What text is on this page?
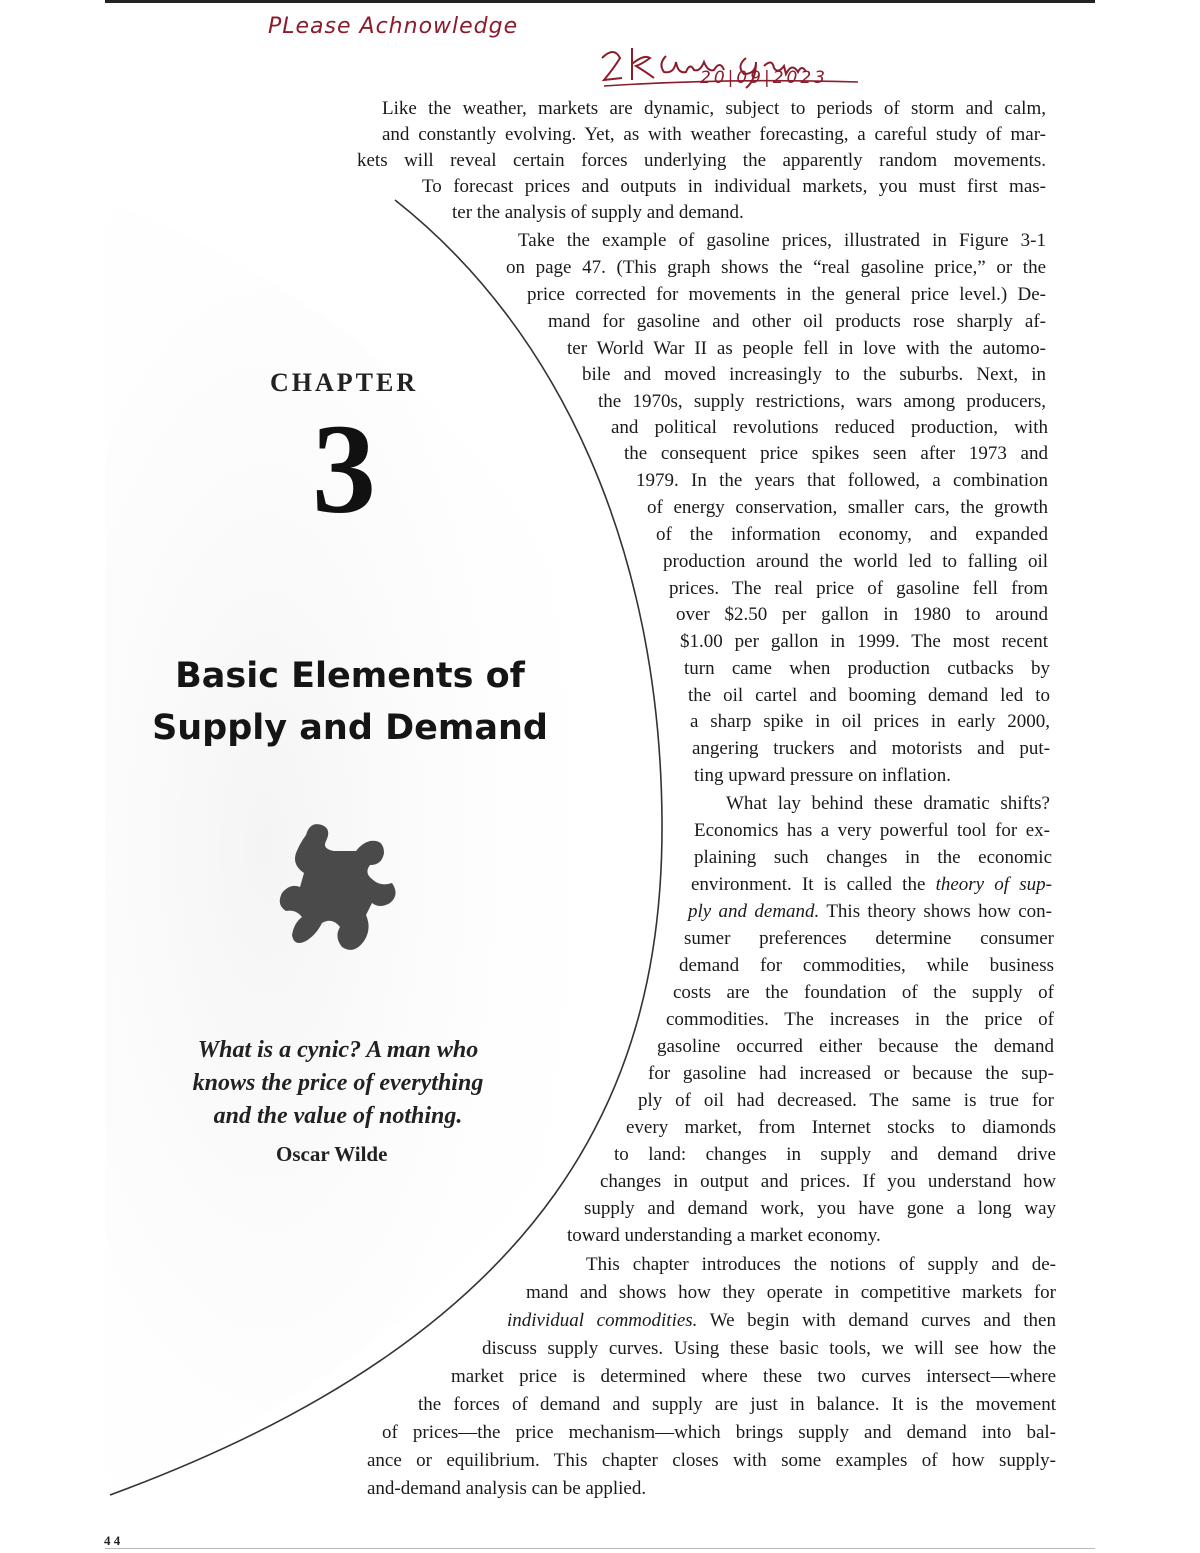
PLease Achnowledge
20|09|2023
CHAPTER
3
Basic Elements of
Supply and Demand
What is a cynic? A man who
knows the price of everything
and the value of nothing.
Oscar Wilde
Like the weather, markets are dynamic, subject to periods of storm and calm,
and constantly evolving. Yet, as with weather forecasting, a careful study of mar-
kets will reveal certain forces underlying the apparently random movements.
To forecast prices and outputs in individual markets, you must first mas-
ter the analysis of supply and demand.
Take the example of gasoline prices, illustrated in Figure 3-1
on page 47. (This graph shows the “real gasoline price,” or the
price corrected for movements in the general price level.) De-
mand for gasoline and other oil products rose sharply af-
ter World War II as people fell in love with the automo-
bile and moved increasingly to the suburbs. Next, in
the 1970s, supply restrictions, wars among producers,
and political revolutions reduced production, with
the consequent price spikes seen after 1973 and
1979. In the years that followed, a combination
of energy conservation, smaller cars, the growth
of the information economy, and expanded
production around the world led to falling oil
prices. The real price of gasoline fell from
over $2.50 per gallon in 1980 to around
$1.00 per gallon in 1999. The most recent
turn came when production cutbacks by
the oil cartel and booming demand led to
a sharp spike in oil prices in early 2000,
angering truckers and motorists and put-
ting upward pressure on inflation.
What lay behind these dramatic shifts?
Economics has a very powerful tool for ex-
plaining such changes in the economic
environment. It is called the theory of sup-
ply and demand. This theory shows how con-
sumer preferences determine consumer
demand for commodities, while business
costs are the foundation of the supply of
commodities. The increases in the price of
gasoline occurred either because the demand
for gasoline had increased or because the sup-
ply of oil had decreased. The same is true for
every market, from Internet stocks to diamonds
to land: changes in supply and demand drive
changes in output and prices. If you understand how
supply and demand work, you have gone a long way
toward understanding a market economy.
This chapter introduces the notions of supply and de-
mand and shows how they operate in competitive markets for
individual commodities. We begin with demand curves and then
discuss supply curves. Using these basic tools, we will see how the
market price is determined where these two curves intersect—where
the forces of demand and supply are just in balance. It is the movement
of prices—the price mechanism—which brings supply and demand into bal-
ance or equilibrium. This chapter closes with some examples of how supply-
and-demand analysis can be applied.
4 4
